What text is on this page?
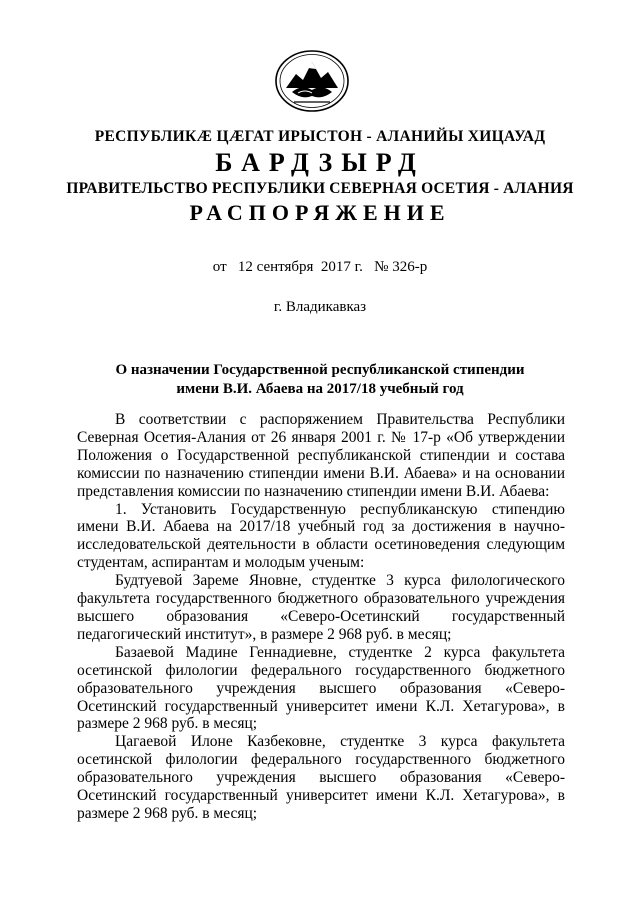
РЕСПУБЛИКӔ ЦӔГАТ ИРЫСТОН - АЛАНИЙЫ ХИЦАУАД
БАРДЗЫРД
ПРАВИТЕЛЬСТВО РЕСПУБЛИКИ СЕВЕРНАЯ ОСЕТИЯ - АЛАНИЯ
РАСПОРЯЖЕНИЕ
от   12 сентября  2017 г.   № 326-р
г. Владикавказ
О назначении Государственной республиканской стипендии
имени В.И. Абаева на 2017/18 учебный год

В соответствии с распоряжением Правительства Республики Северная Осетия-Алания от 26 января 2001 г. № 17-р «Об утверждении Положения о Государственной республиканской стипендии и состава комиссии по назначению стипендии имени В.И. Абаева» и на основании представления комиссии по назначению стипендии имени В.И. Абаева:

1. Установить Государственную республиканскую стипендию имени В.И. Абаева на 2017/18 учебный год за достижения в научно-исследовательской деятельности в области осетиноведения следующим студентам, аспирантам и молодым ученым:

Будтуевой Зареме Яновне, студентке 3 курса филологического факультета государственного бюджетного образовательного учреждения высшего образования «Северо-Осетинский государственный педагогический институт», в размере 2 968 руб. в месяц;

Базаевой Мадине Геннадиевне, студентке 2 курса факультета осетинской филологии федерального государственного бюджетного образовательного учреждения высшего образования «Северо-Осетинский государственный университет имени К.Л. Хетагурова», в размере 2 968 руб. в месяц;

Цагаевой Илоне Казбековне, студентке 3 курса факультета осетинской филологии федерального государственного бюджетного образовательного учреждения высшего образования «Северо-Осетинский государственный университет имени К.Л. Хетагурова», в размере 2 968 руб. в месяц;
